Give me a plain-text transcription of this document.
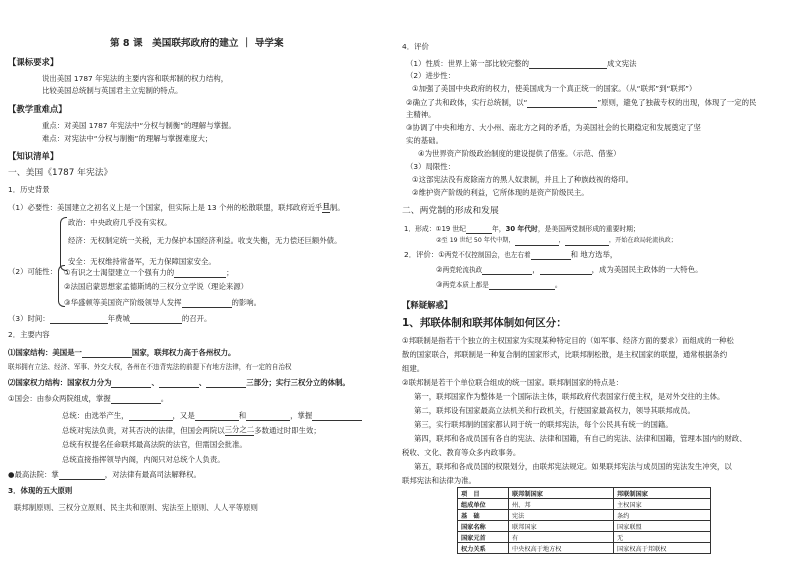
第 8 课　美国联邦政府的建立 ｜ 导学案
【课标要求】
说出美国 1787 年宪法的主要内容和联邦制的权力结构，
比较美国总统制与英国君主立宪制的特点。
【教学重难点】
重点：对美国 1787 年宪法中“分权与制衡”的理解与掌握。
难点：对宪法中“分权与制衡”的理解与掌握难度大；
【知识清单】
一、美国《1787 年宪法》
1．历史背景
（1）必要性：美国建立之初名义上是一个国家，但实际上是 13 个州的松散联盟，联邦政府近乎旦制。
政治：中央政府几乎没有实权。
经济：无权制定统一关税，无力保护本国经济利益。收支失衡，无力偿还巨额外债。
安全：无权维持常备军，无力保障国家安全。
（2）可能性： ①有识之士渴望建立一个强有力的	；
②法国启蒙思想家孟德斯鸠的三权分立学说（理论来源）
③华盛顿等美国资产阶级领导人发挥	的影响。
（3）时间：	年费城	的召开。
2．主要内容
⑴国家结构：美国是一	国家，联邦权力高于各州权力。
联邦拥有立法、经济、军事、外交大权，各州在不违背宪法的前提下有地方法律，有一定的自治权
⑵国家权力结构：国家权力分为	、	、	三部分；实行三权分立的体制。
①国会：由参众两院组成，掌握	。
总统：由选举产生，	，又是	和	，掌握
总统对宪法负责，对其否决的法律，但国会两院以三分之二多数通过时即生效；
总统有权提名任命联邦最高法院的法官，但需国会批准。
总统直接指挥领导内阁，内阁只对总统个人负责。
●最高法院：掌	，对法律有最高司法解释权。
3．体现的五大原则
联邦制原则、三权分立原则、民主共和原则、宪法至上原则、人人平等原则
4．评价
（1）性质：世界上第一部比较完整的	成文宪法
（2）进步性：
①加强了美国中央政府的权力，使美国成为一个真正统一的国家。（从“联邦”到“联邦”）
②确立了共和政体，实行总统制，以“	”原则，避免了独裁专权的出现，体现了一定的民
主精神。
③协调了中央和地方、大小州、南北方之间的矛盾，为美国社会的长期稳定和发展奠定了坚
实的基础。
④为世界资产阶级政治制度的建设提供了借鉴。（示范、借鉴）
（3）局限性：
①这部宪法没有废除南方的黑人奴隶制，并且上了种族歧视的烙印。
②维护资产阶级的利益，它所体现的是资产阶级民主。
二、两党制的形成和发展
1．形成：①19 世纪	年，30 年代时，是美国两党制形成的重要时期；
②至 19 世纪 50 年代中期，	，	，开始在政局轮流执政；
2．评价：①两党不仅控制国会，也左右着	和 地方选举，
②两党轮流执政	，	，成为美国民主政体的一大特色。
③两党本质上都是	。
【释疑解惑】
1、邦联体制和联邦体制如何区分：
①邦联制是指若干个独立的主权国家为实现某种特定目的（如军事、经济方面的要求）而组成的一种松
散的国家联合，邦联制是一种复合制的国家形式，比联邦制松散，是主权国家的联盟，通常根据条约
组建。
②联邦制是若干个单位联合组成的统一国家。联邦制国家的特点是：
第一，联邦国家作为整体是一个国际法主体，联邦政府代表国家行使主权，是对外交往的主体。
第二，联邦设有国家最高立法机关和行政机关，行使国家最高权力，领导其联邦成员。
第三，实行联邦制的国家都认同于统一的联邦宪法，每个公民具有统一的国籍。
第四，联邦和各成员国有各自的宪法、法律和国籍，有自己的宪法、法律和国籍，管理本国内的财政、
税收、文化、教育等众多内政事务。
第五，联邦和各成员国的权限划分，由联邦宪法规定。如果联邦宪法与成员国的宪法发生冲突，以
联邦宪法和法律为准。
项　目	联邦制国家	邦联制国家
组成单位	州、邦	主权国家
基　础	宪法	条约
国家名称	联邦国家	国家联盟
国家元首	有	无
权力关系	中央权高于地方权	国家权高于邦联权
